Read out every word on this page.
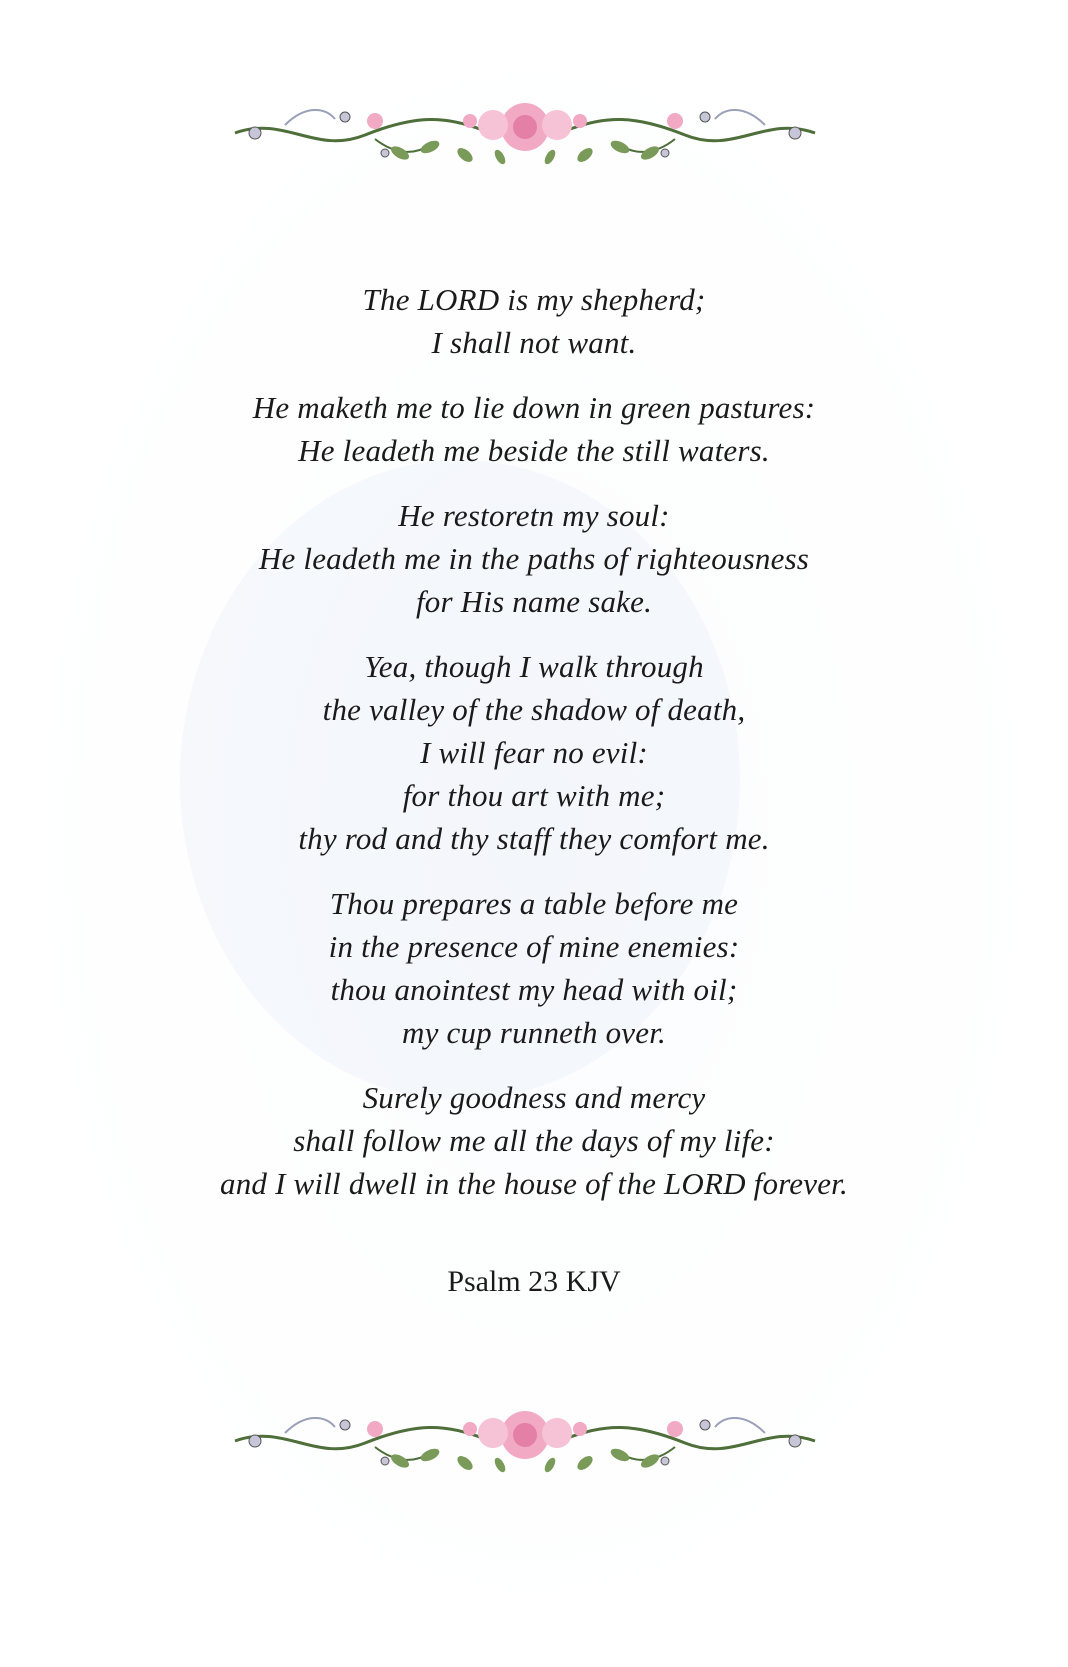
The LORD is my shepherd;
I shall not want.
He maketh me to lie down in green pastures:
He leadeth me beside the still waters.
He restoretn my soul:
He leadeth me in the paths of righteousness
for His name sake.
Yea, though I walk through
the valley of the shadow of death,
I will fear no evil:
for thou art with me;
thy rod and thy staff they comfort me.
Thou prepares a table before me
in the presence of mine enemies:
thou anointest my head with oil;
my cup runneth over.
Surely goodness and mercy
shall follow me all the days of my life:
and I will dwell in the house of the LORD forever.
Psalm 23 KJV
